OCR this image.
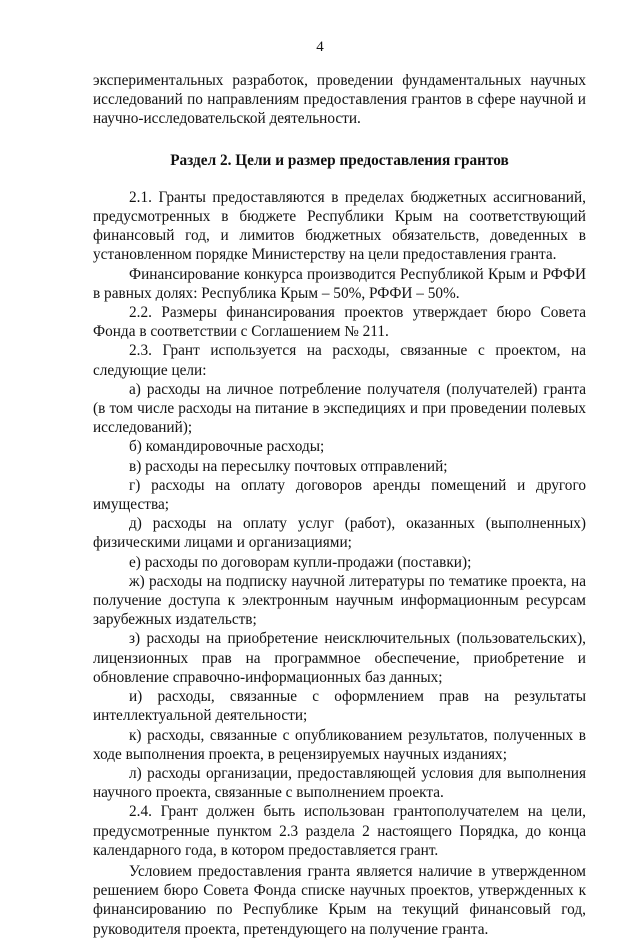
4

экспериментальных разработок, проведении фундаментальных научных исследований по направлениям предоставления грантов в сфере научной и научно-исследовательской деятельности.

Раздел 2. Цели и размер предоставления грантов

2.1. Гранты предоставляются в пределах бюджетных ассигнований, предусмотренных в бюджете Республики Крым на соответствующий финансовый год, и лимитов бюджетных обязательств, доведенных в установленном порядке Министерству на цели предоставления гранта.

Финансирование конкурса производится Республикой Крым и РФФИ в равных долях: Республика Крым – 50%, РФФИ – 50%.

2.2. Размеры финансирования проектов утверждает бюро Совета Фонда в соответствии с Соглашением № 211.

2.3. Грант используется на расходы, связанные с проектом, на следующие цели:

а) расходы на личное потребление получателя (получателей) гранта (в том числе расходы на питание в экспедициях и при проведении полевых исследований);

б) командировочные расходы;

в) расходы на пересылку почтовых отправлений;

г) расходы на оплату договоров аренды помещений и другого имущества;

д) расходы на оплату услуг (работ), оказанных (выполненных) физическими лицами и организациями;

е) расходы по договорам купли-продажи (поставки);

ж) расходы на подписку научной литературы по тематике проекта, на получение доступа к электронным научным информационным ресурсам зарубежных издательств;

з) расходы на приобретение неисключительных (пользовательских), лицензионных прав на программное обеспечение, приобретение и обновление справочно-информационных баз данных;

и) расходы, связанные с оформлением прав на результаты интеллектуальной деятельности;

к) расходы, связанные с опубликованием результатов, полученных в ходе выполнения проекта, в рецензируемых научных изданиях;

л) расходы организации, предоставляющей условия для выполнения научного проекта, связанные с выполнением проекта.

2.4. Грант должен быть использован грантополучателем на цели, предусмотренные пунктом 2.3 раздела 2 настоящего Порядка, до конца календарного года, в котором предоставляется грант.

Условием предоставления гранта является наличие в утвержденном решением бюро Совета Фонда списке научных проектов, утвержденных к финансированию по Республике Крым на текущий финансовый год, руководителя проекта, претендующего на получение гранта.
